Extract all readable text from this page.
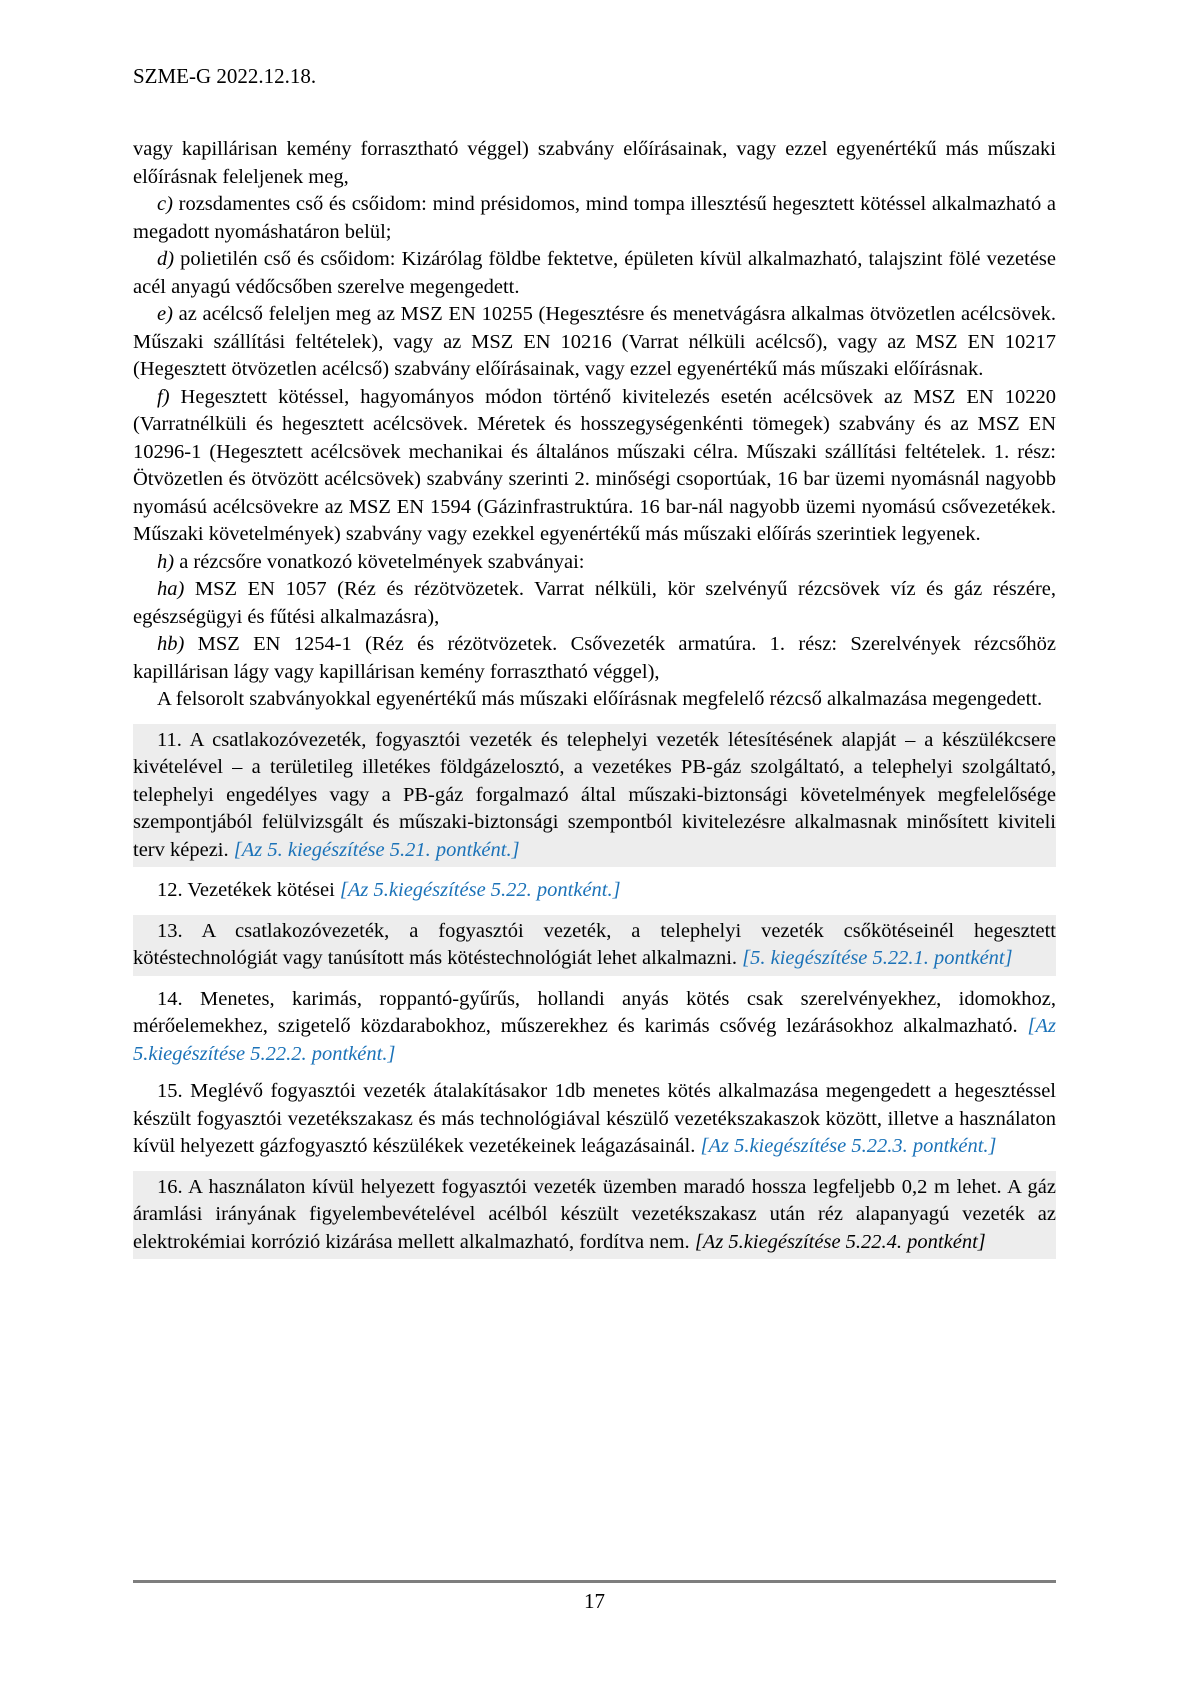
SZME-G 2022.12.18.

vagy kapillárisan kemény forrasztható véggel) szabvány előírásainak, vagy ezzel egyenértékű más műszaki előírásnak feleljenek meg,

c) rozsdamentes cső és csőidom: mind présidomos, mind tompa illesztésű hegesztett kötéssel alkalmazható a megadott nyomáshatáron belül;

d) polietilén cső és csőidom: Kizárólag földbe fektetve, épületen kívül alkalmazható, talajszint fölé vezetése acél anyagú védőcsőben szerelve megengedett.

e) az acélcső feleljen meg az MSZ EN 10255 (Hegesztésre és menetvágásra alkalmas ötvözetlen acélcsövek. Műszaki szállítási feltételek), vagy az MSZ EN 10216 (Varrat nélküli acélcső), vagy az MSZ EN 10217 (Hegesztett ötvözetlen acélcső) szabvány előírásainak, vagy ezzel egyenértékű más műszaki előírásnak.

f) Hegesztett kötéssel, hagyományos módon történő kivitelezés esetén acélcsövek az MSZ EN 10220 (Varratnélküli és hegesztett acélcsövek. Méretek és hosszegységenkénti tömegek) szabvány és az MSZ EN 10296-1 (Hegesztett acélcsövek mechanikai és általános műszaki célra. Műszaki szállítási feltételek. 1. rész: Ötvözetlen és ötvözött acélcsövek) szabvány szerinti 2. minőségi csoportúak, 16 bar üzemi nyomásnál nagyobb nyomású acélcsövekre az MSZ EN 1594 (Gázinfrastruktúra. 16 bar-nál nagyobb üzemi nyomású csővezetékek. Műszaki követelmények) szabvány vagy ezekkel egyenértékű más műszaki előírás szerintiek legyenek.

h) a rézcsőre vonatkozó követelmények szabványai:

ha) MSZ EN 1057 (Réz és rézötvözetek. Varrat nélküli, kör szelvényű rézcsövek víz és gáz részére, egészségügyi és fűtési alkalmazásra),

hb) MSZ EN 1254-1 (Réz és rézötvözetek. Csővezeték armatúra. 1. rész: Szerelvények rézcsőhöz kapillárisan lágy vagy kapillárisan kemény forrasztható véggel),

A felsorolt szabványokkal egyenértékű más műszaki előírásnak megfelelő rézcső alkalmazása megengedett.

11. A csatlakozóvezeték, fogyasztói vezeték és telephelyi vezeték létesítésének alapját – a készülékcsere kivételével – a területileg illetékes földgázelosztó, a vezetékes PB-gáz szolgáltató, a telephelyi szolgáltató, telephelyi engedélyes vagy a PB-gáz forgalmazó által műszaki-biztonsági követelmények megfelelősége szempontjából felülvizsgált és műszaki-biztonsági szempontból kivitelezésre alkalmasnak minősített kiviteli terv képezi. [Az 5. kiegészítése 5.21. pontként.]

12. Vezetékek kötései [Az 5.kiegészítése 5.22. pontként.]

13. A csatlakozóvezeték, a fogyasztói vezeték, a telephelyi vezeték csőkötéseinél hegesztett kötéstechnológiát vagy tanúsított más kötéstechnológiát lehet alkalmazni. [5. kiegészítése 5.22.1. pontként]

14. Menetes, karimás, roppantó-gyűrűs, hollandi anyás kötés csak szerelvényekhez, idomokhoz, mérőelemekhez, szigetelő közdarabokhoz, műszerekhez és karimás csővég lezárásokhoz alkalmazható. [Az 5.kiegészítése 5.22.2. pontként.]

15. Meglévő fogyasztói vezeték átalakításakor 1db menetes kötés alkalmazása megengedett a hegesztéssel készült fogyasztói vezetékszakasz és más technológiával készülő vezetékszakaszok között, illetve a használaton kívül helyezett gázfogyasztó készülékek vezetékeinek leágazásainál. [Az 5.kiegészítése 5.22.3. pontként.]

16. A használaton kívül helyezett fogyasztói vezeték üzemben maradó hossza legfeljebb 0,2 m lehet. A gáz áramlási irányának figyelembevételével acélból készült vezetékszakasz után réz alapanyagú vezeték az elektrokémiai korrózió kizárása mellett alkalmazható, fordítva nem. [Az 5.kiegészítése 5.22.4. pontként]

17
